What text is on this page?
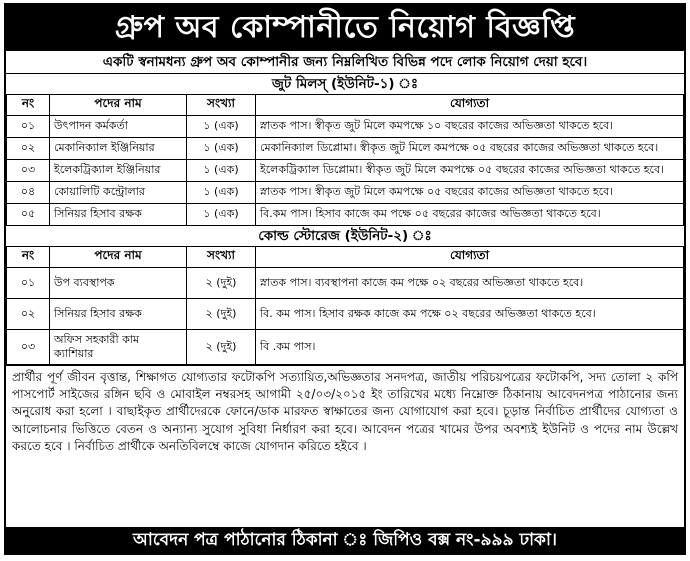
গ্রুপ অব কোম্পানীতে নিয়োগ বিজ্ঞপ্তি
একটি স্বনামধন্য গ্রুপ অব কোম্পানীর জন্য নিম্নলিখিত বিভিন্ন পদে লোক নিয়োগ দেয়া হবে।
জুট মিলস্ (ইউনিট-১) ঃ
নং	পদের নাম	সংখ্যা	যোগ্যতা
০১	উৎপাদন কর্মকর্তা	১ (এক)	স্নাতক পাস। স্বীকৃত জুট মিলে কমপক্ষে ১০ বছরের কাজের অভিজ্ঞতা থাকতে হবে।
০২	মেকানিক্যাল ইঞ্জিনিয়ার	১ (এক)	মেকানিক্যাল ডিপ্লোমা। স্বীকৃত জুট মিলে কমপক্ষে ০৫ বছরের কাজের অভিজ্ঞতা থাকতে হবে।
০৩	ইলেকট্রিক্যাল ইঞ্জিনিয়ার	১ (এক)	ইলেকট্রিক্যাল ডিপ্লোমা। স্বীকৃত জুট মিলে কমপক্ষে ০৫ বছরের কাজের অভিজ্ঞতা থাকতে হবে।
০৪	কোয়ালিটি কন্ট্রোলার	১ (এক)	স্নাতক পাস। স্বীকৃত জুট মিলে কমপক্ষে ০৫ বছরের কাজের অভিজ্ঞতা থাকতে হবে।
০৫	সিনিয়র হিসাব রক্ষক	১ (এক)	বি.কম পাস। হিসাব কাজে কম পক্ষে ০৫ বছরের কাজের অভিজ্ঞতা থাকতে হবে।
কোল্ড স্টোরেজ (ইউনিট-২) ঃ
নং	পদের নাম	সংখ্যা	যোগ্যতা
০১	উপ ব্যবস্থাপক	২ (দুই)	স্নাতক পাস। ব্যবস্থাপনা কাজে কম পক্ষে ০২ বছরের অভিজ্ঞতা থাকতে হবে।
০২	সিনিয়র হিসাব রক্ষক	২ (দুই)	বি. কম পাস। হিসাব রক্ষক কাজে কম পক্ষে ০২ বছরের অভিজ্ঞতা থাকতে হবে।
০৩	অফিস সহকারী কাম ক্যাশিয়ার	২ (দুই)	বি .কম পাস।
প্রার্থীর পূর্ণ জীবন বৃত্তান্ত, শিক্ষাগত যোগ্যতার ফটোকপি সত্যায়িত,অভিজ্ঞতার সনদপত্র, জাতীয় পরিচয়পত্রের ফটোকপি, সদ্য তোলা ২ কপি পাসপোর্ট সাইজের রঙ্গিন ছবি ও মোবাইল নম্বরসহ আগামী ২৫/০৩/২০১৫ ইং তারিখের মধ্যে নিম্নোক্ত ঠিকানায় আবেদনপত্র পাঠানোর জন্য অনুরোধ করা হলো । বাছাইকৃত প্রার্থীদেরকে ফোনে/ডাক মারফত স্বাক্ষাতের জন্য যোগাযোগ করা হবে। চূড়ান্ত নির্বাচিত প্রার্থীদের যোগ্যতা ও আলোচনার ভিত্তিতে বেতন ও অন্যান্য সুযোগ সুবিধা নির্ধারণ করা হবে। আবেদন পত্রের খামের উপর অবশ্যই ইউনিট ও পদের নাম উল্লেখ করতে হবে । নির্বাচিত প্রার্থীকে অনতিবিলম্বে কাজে যোগদান করিতে হইবে ।
আবেদন পত্র পাঠানোর ঠিকানা ঃ জিপিও বক্স নং-৯৯৯ ঢাকা।
